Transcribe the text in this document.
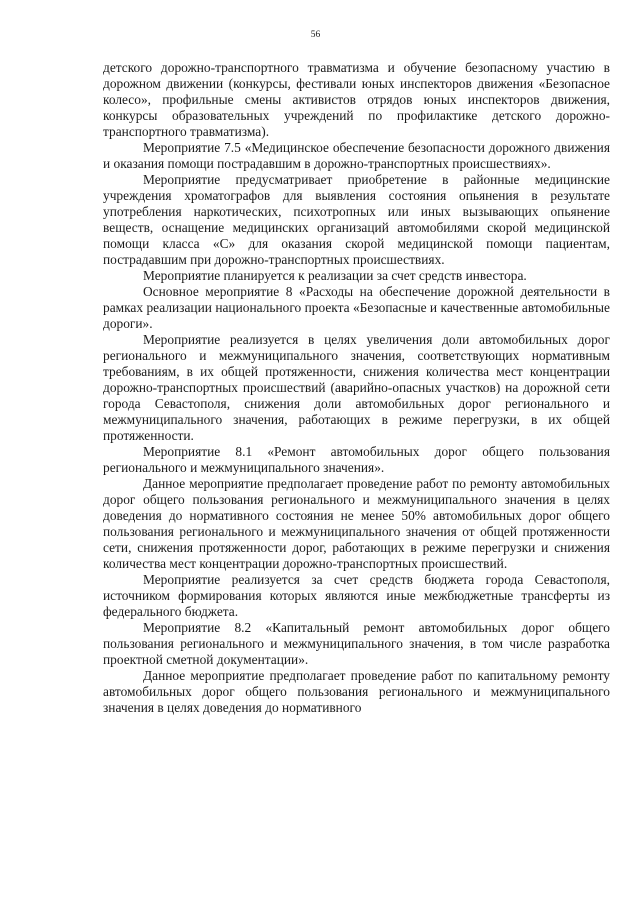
56

детского дорожно-транспортного травматизма и обучение безопасному участию в дорожном движении (конкурсы, фестивали юных инспекторов движения «Безопасное колесо», профильные смены активистов отрядов юных инспекторов движения, конкурсы образовательных учреждений по профилактике детского дорожно-транспортного травматизма).

Мероприятие 7.5 «Медицинское обеспечение безопасности дорожного движения и оказания помощи пострадавшим в дорожно-транспортных происшествиях».

Мероприятие предусматривает приобретение в районные медицинские учреждения хроматографов для выявления состояния опьянения в результате употребления наркотических, психотропных или иных вызывающих опьянение веществ, оснащение медицинских организаций автомобилями скорой медицинской помощи класса «С» для оказания скорой медицинской помощи пациентам, пострадавшим при дорожно-транспортных происшествиях.

Мероприятие планируется к реализации за счет средств инвестора.

Основное мероприятие 8 «Расходы на обеспечение дорожной деятельности в рамках реализации национального проекта «Безопасные и качественные автомобильные дороги».

Мероприятие реализуется в целях увеличения доли автомобильных дорог регионального и межмуниципального значения, соответствующих нормативным требованиям, в их общей протяженности, снижения количества мест концентрации дорожно-транспортных происшествий (аварийно-опасных участков) на дорожной сети города Севастополя, снижения доли автомобильных дорог регионального и межмуниципального значения, работающих в режиме перегрузки, в их общей протяженности.

Мероприятие 8.1 «Ремонт автомобильных дорог общего пользования регионального и межмуниципального значения».

Данное мероприятие предполагает проведение работ по ремонту автомобильных дорог общего пользования регионального и межмуниципального значения в целях доведения до нормативного состояния не менее 50% автомобильных дорог общего пользования регионального и межмуниципального значения от общей протяженности сети, снижения протяженности дорог, работающих в режиме перегрузки и снижения количества мест концентрации дорожно-транспортных происшествий.

Мероприятие реализуется за счет средств бюджета города Севастополя, источником формирования которых являются иные межбюджетные трансферты из федерального бюджета.

Мероприятие 8.2 «Капитальный ремонт автомобильных дорог общего пользования регионального и межмуниципального значения, в том числе разработка проектной сметной документации».

Данное мероприятие предполагает проведение работ по капитальному ремонту автомобильных дорог общего пользования регионального и межмуниципального значения в целях доведения до нормативного
